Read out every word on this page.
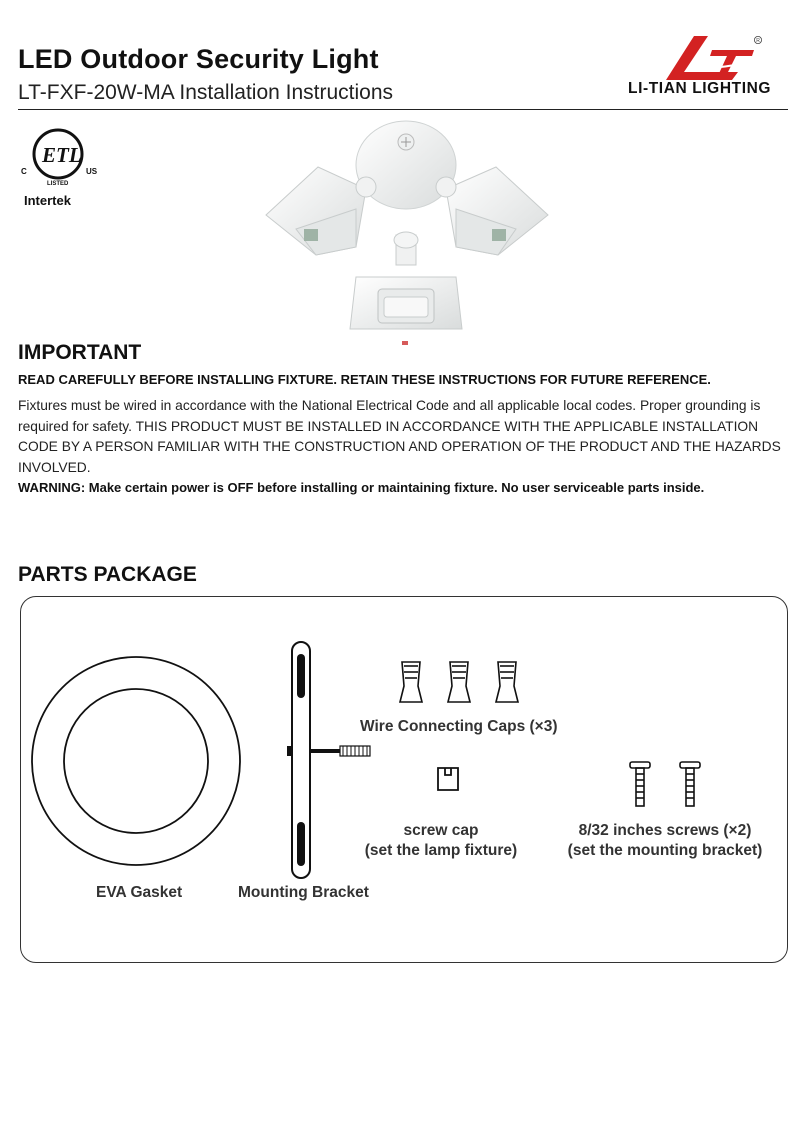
LED Outdoor Security Light
LT-FXF-20W-MA Installation Instructions
R
LI-TIAN LIGHTING
ETL
LISTED
C	US
Intertek
IMPORTANT
READ CAREFULLY BEFORE INSTALLING FIXTURE. RETAIN THESE INSTRUCTIONS FOR FUTURE REFERENCE.
Fixtures must be wired in accordance with the National Electrical Code and all applicable local codes. Proper grounding is required for safety. THIS PRODUCT MUST BE INSTALLED IN ACCORDANCE WITH THE APPLICABLE INSTALLATION CODE BY A PERSON FAMILIAR WITH THE CONSTRUCTION AND OPERATION OF THE PRODUCT AND THE HAZARDS INVOLVED.
WARNING: Make certain power is OFF before installing or maintaining fixture. No user serviceable parts inside.
PARTS PACKAGE
EVA Gasket	Mounting Bracket
Wire Connecting Caps (×3)
screw cap
(set the lamp fixture)
8/32 inches screws (×2)
(set the mounting bracket)
